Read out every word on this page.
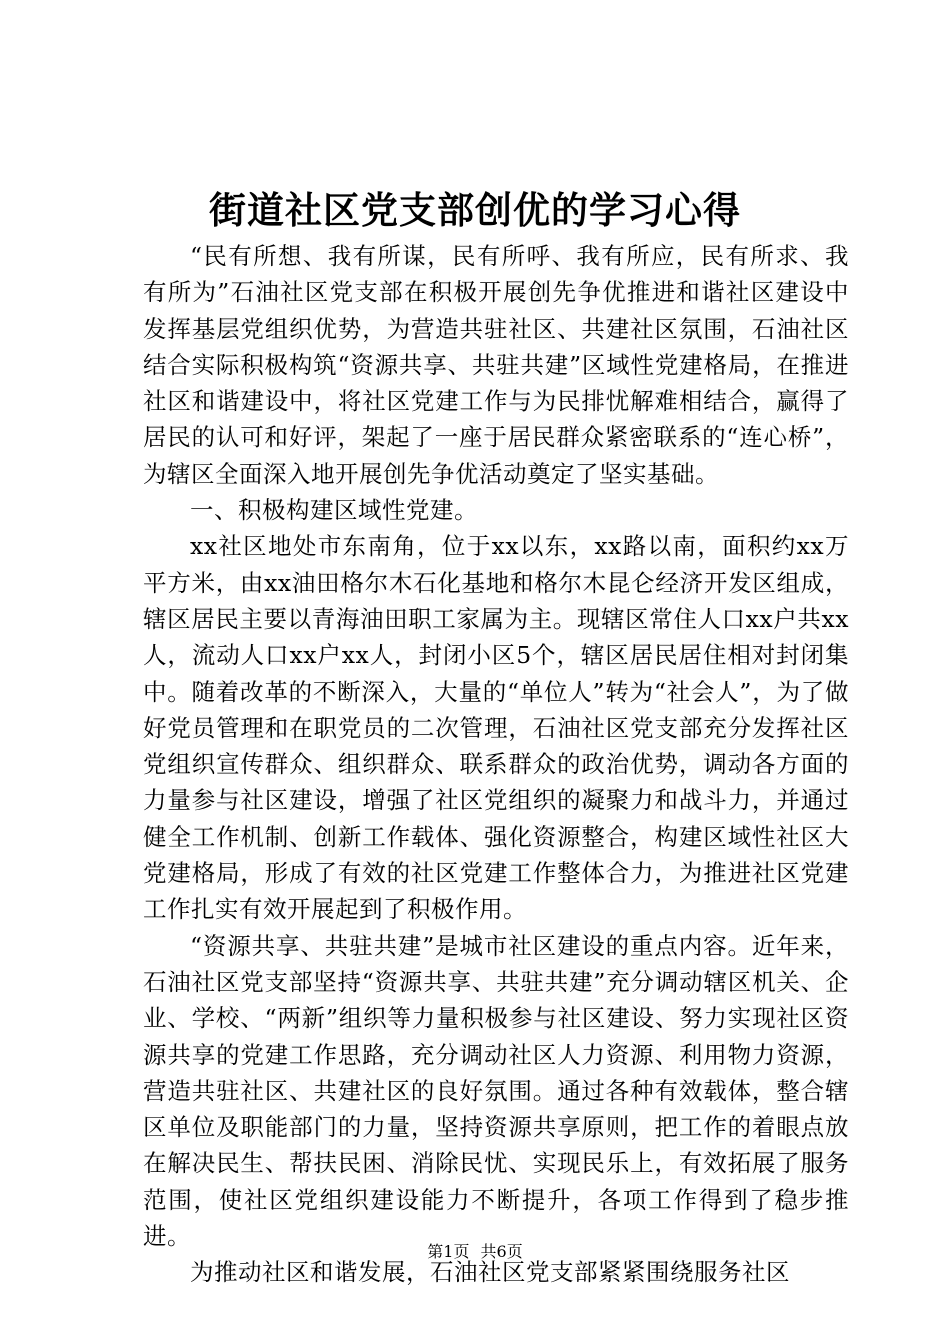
街道社区党支部创优的学习心得

“民有所想、我有所谋，民有所呼、我有所应，民有所求、我有所为”石油社区党支部在积极开展创先争优推进和谐社区建设中发挥基层党组织优势，为营造共驻社区、共建社区氛围，石油社区结合实际积极构筑“资源共享、共驻共建”区域性党建格局，在推进社区和谐建设中，将社区党建工作与为民排忧解难相结合，赢得了居民的认可和好评，架起了一座于居民群众紧密联系的“连心桥”，为辖区全面深入地开展创先争优活动奠定了坚实基础。

一、积极构建区域性党建。

xx社区地处市东南角，位于xx以东，xx路以南，面积约xx万平方米，由xx油田格尔木石化基地和格尔木昆仑经济开发区组成，辖区居民主要以青海油田职工家属为主。现辖区常住人口xx户共xx人，流动人口xx户xx人，封闭小区5个，辖区居民居住相对封闭集中。随着改革的不断深入，大量的“单位人”转为“社会人”，为了做好党员管理和在职党员的二次管理，石油社区党支部充分发挥社区党组织宣传群众、组织群众、联系群众的政治优势，调动各方面的力量参与社区建设，增强了社区党组织的凝聚力和战斗力，并通过健全工作机制、创新工作载体、强化资源整合，构建区域性社区大党建格局，形成了有效的社区党建工作整体合力，为推进社区党建工作扎实有效开展起到了积极作用。

“资源共享、共驻共建”是城市社区建设的重点内容。近年来，石油社区党支部坚持“资源共享、共驻共建”充分调动辖区机关、企业、学校、“两新”组织等力量积极参与社区建设、努力实现社区资源共享的党建工作思路，充分调动社区人力资源、利用物力资源，营造共驻社区、共建社区的良好氛围。通过各种有效载体，整合辖区单位及职能部门的力量，坚持资源共享原则，把工作的着眼点放在解决民生、帮扶民困、消除民忧、实现民乐上，有效拓展了服务范围，使社区党组织建设能力不断提升，各项工作得到了稳步推进。

为推动社区和谐发展，石油社区党支部紧紧围绕服务社区

第1页 共6页
